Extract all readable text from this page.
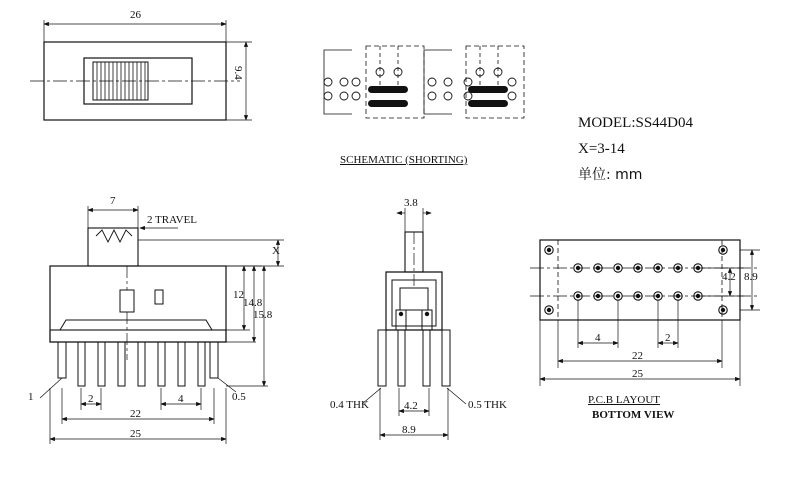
26
9.4
SCHEMATIC (SHORTING)
MODEL:SS44D04
X=3-14
单位: mm
7
2 TRAVEL
X
12
14.8
15.8
1	2	4	0.5
22
25
3.8
0.4 THK	0.5 THK
4.2
8.9
4.2 8.9
4	2
22
25
P.C.B LAYOUT
BOTTOM VIEW
